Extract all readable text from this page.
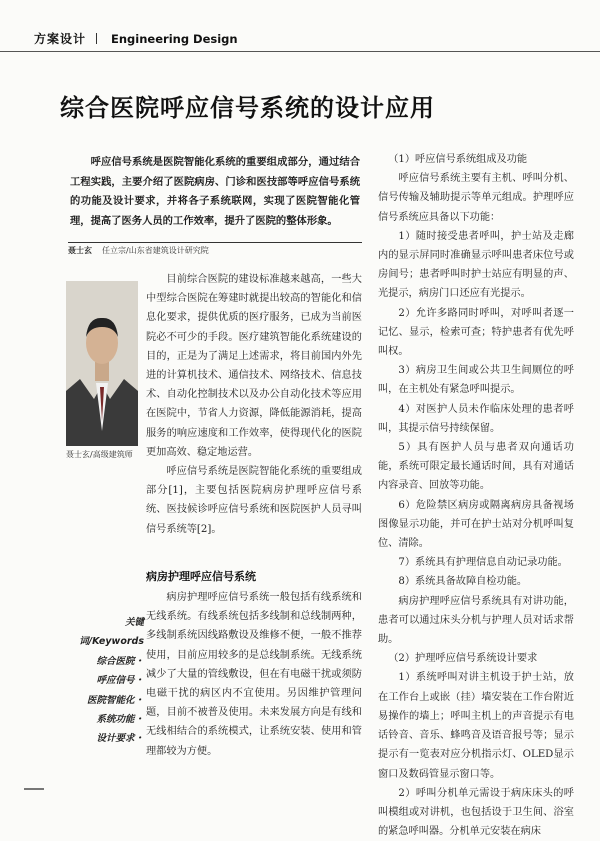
方案设计 Engineering Design
综合医院呼应信号系统的设计应用

呼应信号系统是医院智能化系统的重要组成部分，通过结合工程实践，主要介绍了医院病房、门诊和医技部等呼应信号系统的功能及设计要求，并将各子系统联网，实现了医院智能化管理，提高了医务人员的工作效率，提升了医院的整体形象。

聂士玄 任立宗/山东省建筑设计研究院
聂士玄/高级建筑师

目前综合医院的建设标准越来越高，一些大中型综合医院在筹建时就提出较高的智能化和信息化要求，提供优质的医疗服务，已成为当前医院必不可少的手段。医疗建筑智能化系统建设的目的，正是为了满足上述需求，将目前国内外先进的计算机技术、通信技术、网络技术、信息技术、自动化控制技术以及办公自动化技术等应用在医院中，节省人力资源，降低能源消耗，提高服务的响应速度和工作效率，使得现代化的医院更加高效、稳定地运营。

呼应信号系统是医院智能化系统的重要组成部分[1]，主要包括医院病房护理呼应信号系统、医技候诊呼应信号系统和医院医护人员寻叫信号系统等[2]。

病房护理呼应信号系统

病房护理呼应信号系统一般包括有线系统和无线系统。有线系统包括多线制和总线制两种，多线制系统因线路敷设及维修不便，一般不推荐使用，目前应用较多的是总线制系统。无线系统减少了大量的管线敷设，但在有电磁干扰或须防电磁干扰的病区内不宜使用。另因维护管理问题，目前不被普及使用。未来发展方向是有线和无线相结合的系统模式，让系统安装、使用和管理都较为方便。

关键词/Keywords
综合医院・
呼应信号・
医院智能化・
系统功能・
设计要求・

（1）呼应信号系统组成及功能

呼应信号系统主要有主机、呼叫分机、信号传输及辅助提示等单元组成。护理呼应信号系统应具备以下功能：

1）随时接受患者呼叫，护士站及走廊内的显示屏同时准确显示呼叫患者床位号或房间号；患者呼叫时护士站应有明显的声、光提示，病房门口还应有光提示。

2）允许多路同时呼叫，对呼叫者逐一记忆、显示，检索可查；特护患者有优先呼叫权。

3）病房卫生间或公共卫生间厕位的呼叫，在主机处有紧急呼叫提示。

4）对医护人员未作临床处理的患者呼叫，其提示信号持续保留。

5）具有医护人员与患者双向通话功能，系统可限定最长通话时间，具有对通话内容录音、回放等功能。

6）危险禁区病房或隔离病房具备视场图像显示功能，并可在护士站对分机呼叫复位、清除。

7）系统具有护理信息自动记录功能。

8）系统具备故障自检功能。

病房护理呼应信号系统具有对讲功能，患者可以通过床头分机与护理人员对话求帮助。

（2）护理呼应信号系统设计要求

1）系统呼叫对讲主机设于护士站，放在工作台上或嵌（挂）墙安装在工作台附近易操作的墙上；呼叫主机上的声音提示有电话铃音、音乐、蜂鸣音及语音报号等；显示提示有一览表对应分机指示灯、OLED显示窗口及数码管显示窗口等。

2）呼叫分机单元需设于病床床头的呼叫模组或对讲机，也包括设于卫生间、浴室的紧急呼叫器。分机单元安装在病床
